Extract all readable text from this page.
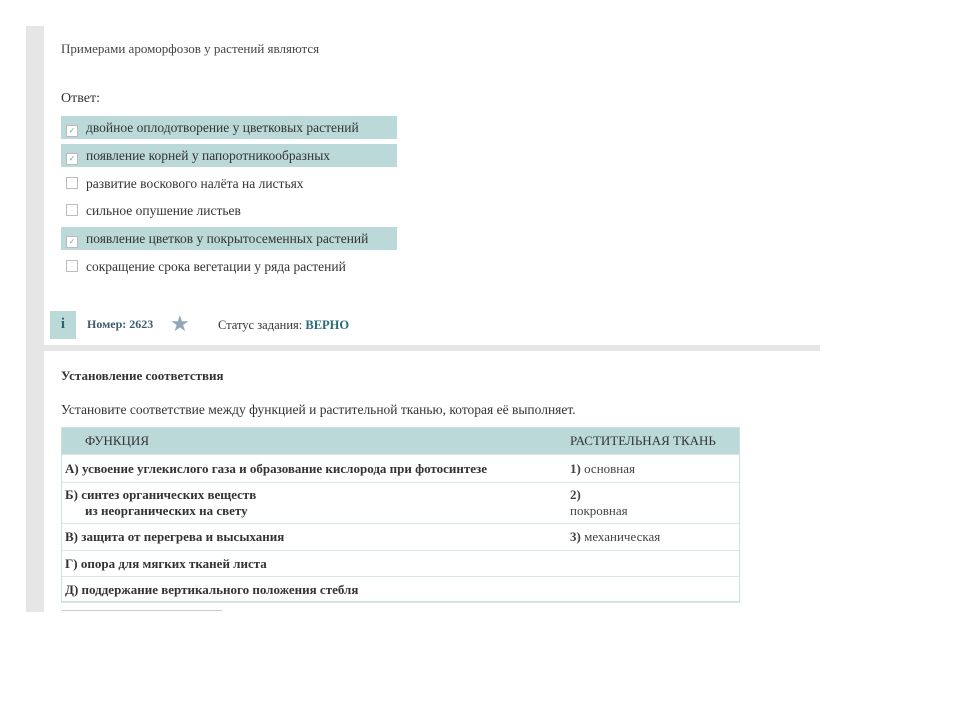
Примерами ароморфозов у растений являются
Ответ:
✓ двойное оплодотворение у цветковых растений
✓ появление корней у папоротникообразных
развитие воскового налёта на листьях
сильное опушение листьев
✓ появление цветков у покрытосеменных растений
сокращение срока вегетации у ряда растений
i	Номер: 2623 ★ Статус задания: ВЕРНО
Установление соответствия
Установите соответствие между функцией и растительной тканью, которая её выполняет.
ФУНКЦИЯ	РАСТИТЕЛЬНАЯ ТКАНЬ
А) усвоение углекислого газа и образование кислорода при фотосинтезе	1) основная
Б) синтез органических веществ
из неорганических на свету	2)
покровная
В) защита от перегрева и высыхания	3) механическая
Г) опора для мягких тканей листа	
Д) поддержание вертикального положения стебля	
